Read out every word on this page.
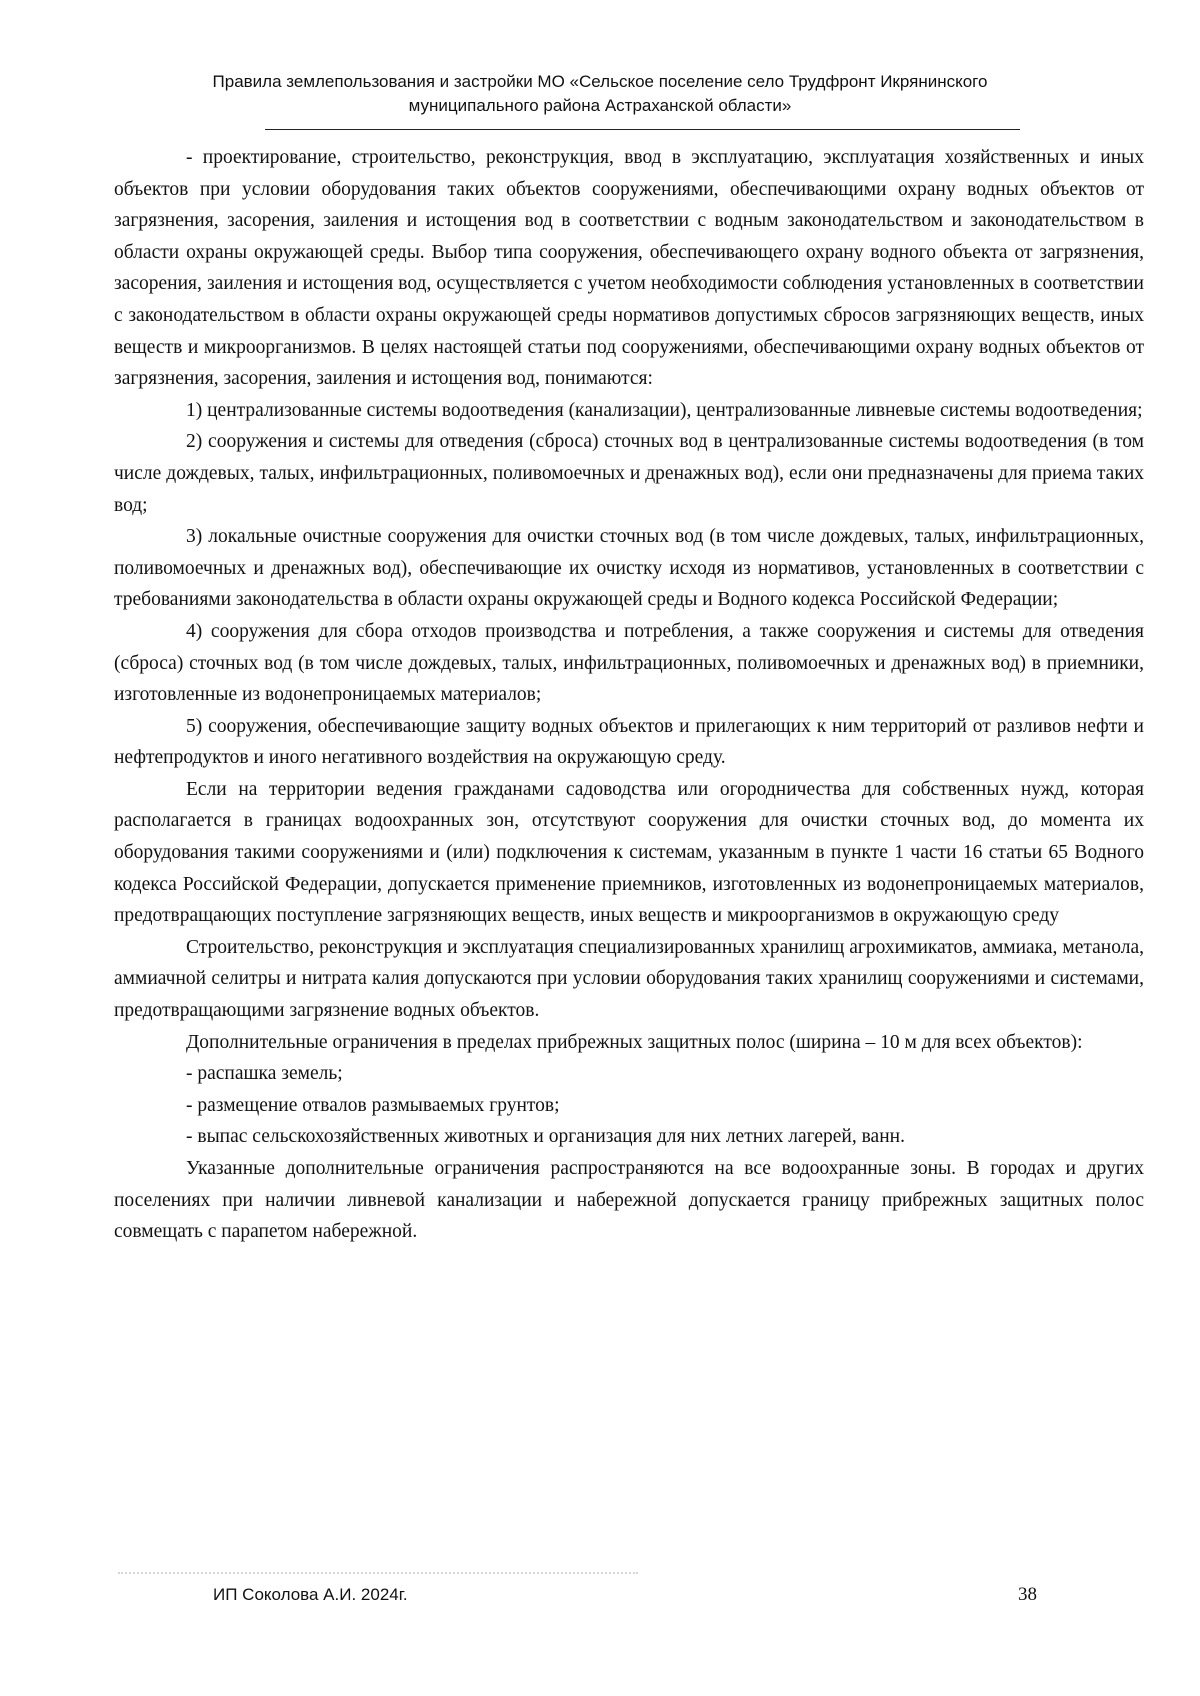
Правила землепользования и застройки МО «Сельское поселение село Трудфронт Икрянинского
муниципального района Астраханской области»

- проектирование, строительство, реконструкция, ввод в эксплуатацию, эксплуатация хозяйственных и иных объектов при условии оборудования таких объектов сооружениями, обеспечивающими охрану водных объектов от загрязнения, засорения, заиления и истощения вод в соответствии с водным законодательством и законодательством в области охраны окружающей среды. Выбор типа сооружения, обеспечивающего охрану водного объекта от загрязнения, засорения, заиления и истощения вод, осуществляется с учетом необходимости соблюдения установленных в соответствии с законодательством в области охраны окружающей среды нормативов допустимых сбросов загрязняющих веществ, иных веществ и микроорганизмов. В целях настоящей статьи под сооружениями, обеспечивающими охрану водных объектов от загрязнения, засорения, заиления и истощения вод, понимаются:

1) централизованные системы водоотведения (канализации), централизованные ливневые системы водоотведения;

2) сооружения и системы для отведения (сброса) сточных вод в централизованные системы водоотведения (в том числе дождевых, талых, инфильтрационных, поливомоечных и дренажных вод), если они предназначены для приема таких вод;

3) локальные очистные сооружения для очистки сточных вод (в том числе дождевых, талых, инфильтрационных, поливомоечных и дренажных вод), обеспечивающие их очистку исходя из нормативов, установленных в соответствии с требованиями законодательства в области охраны окружающей среды и Водного кодекса Российской Федерации;

4) сооружения для сбора отходов производства и потребления, а также сооружения и системы для отведения (сброса) сточных вод (в том числе дождевых, талых, инфильтрационных, поливомоечных и дренажных вод) в приемники, изготовленные из водонепроницаемых материалов;

5) сооружения, обеспечивающие защиту водных объектов и прилегающих к ним территорий от разливов нефти и нефтепродуктов и иного негативного воздействия на окружающую среду.

Если на территории ведения гражданами садоводства или огородничества для собственных нужд, которая располагается в границах водоохранных зон, отсутствуют сооружения для очистки сточных вод, до момента их оборудования такими сооружениями и (или) подключения к системам, указанным в пункте 1 части 16 статьи 65 Водного кодекса Российской Федерации, допускается применение приемников, изготовленных из водонепроницаемых материалов, предотвращающих поступление загрязняющих веществ, иных веществ и микроорганизмов в окружающую среду

Строительство, реконструкция и эксплуатация специализированных хранилищ агрохимикатов, аммиака, метанола, аммиачной селитры и нитрата калия допускаются при условии оборудования таких хранилищ сооружениями и системами, предотвращающими загрязнение водных объектов.

Дополнительные ограничения в пределах прибрежных защитных полос (ширина – 10 м для всех объектов):

- распашка земель;

- размещение отвалов размываемых грунтов;

- выпас сельскохозяйственных животных и организация для них летних лагерей, ванн.

Указанные дополнительные ограничения распространяются на все водоохранные зоны. В городах и других поселениях при наличии ливневой канализации и набережной допускается границу прибрежных защитных полос совмещать с парапетом набережной.

ИП Соколова А.И. 2024г.	38
